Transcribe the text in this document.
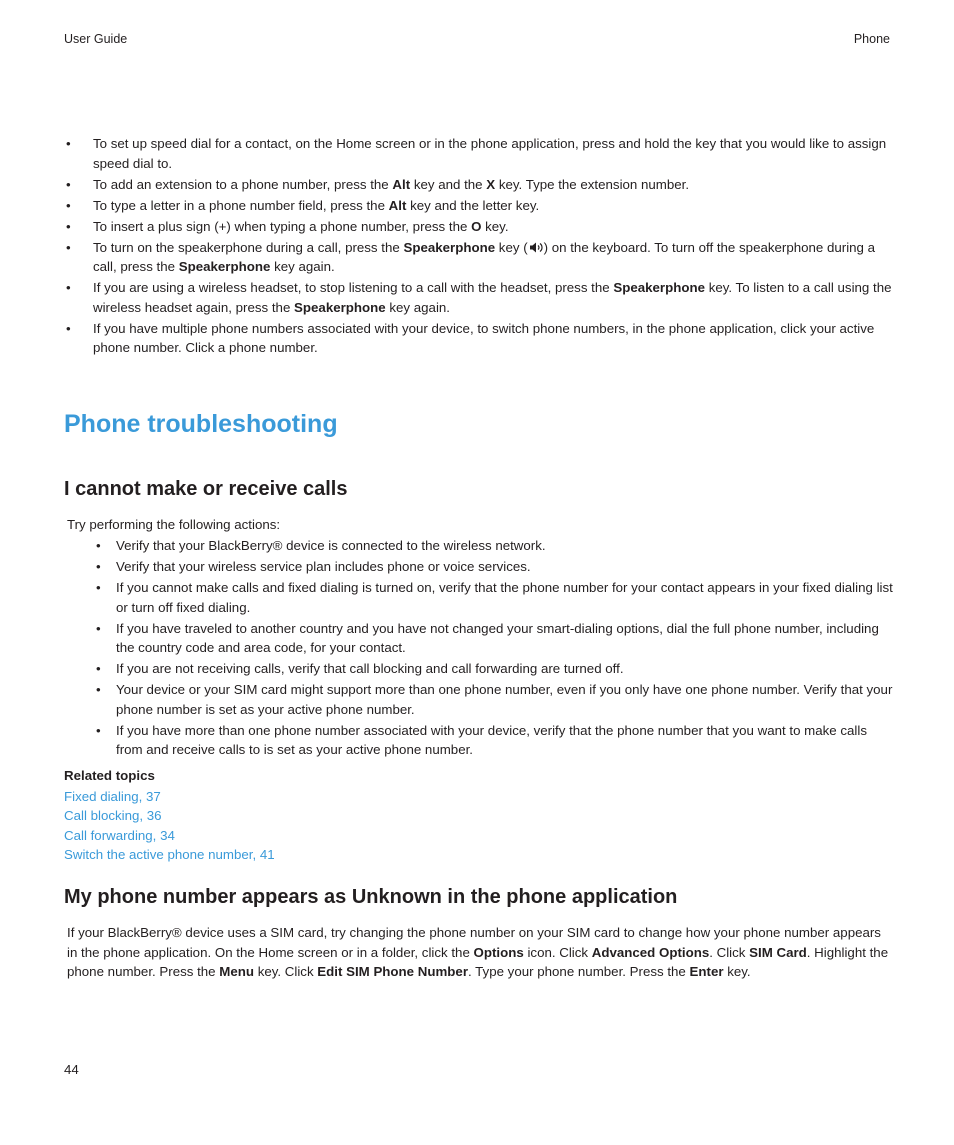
User Guide	Phone
• To set up speed dial for a contact, on the Home screen or in the phone application, press and hold the key that you would like to assign speed dial to.
• To add an extension to a phone number, press the Alt key and the X key. Type the extension number.
• To type a letter in a phone number field, press the Alt key and the letter key.
• To insert a plus sign (+) when typing a phone number, press the O key.
• To turn on the speakerphone during a call, press the Speakerphone key ( ) on the keyboard. To turn off the speakerphone during a call, press the Speakerphone key again.
• If you are using a wireless headset, to stop listening to a call with the headset, press the Speakerphone key. To listen to a call using the wireless headset again, press the Speakerphone key again.
• If you have multiple phone numbers associated with your device, to switch phone numbers, in the phone application, click your active phone number. Click a phone number.
Phone troubleshooting
I cannot make or receive calls
Try performing the following actions:
• Verify that your BlackBerry® device is connected to the wireless network.
• Verify that your wireless service plan includes phone or voice services.
• If you cannot make calls and fixed dialing is turned on, verify that the phone number for your contact appears in your fixed dialing list or turn off fixed dialing.
• If you have traveled to another country and you have not changed your smart-dialing options, dial the full phone number, including the country code and area code, for your contact.
• If you are not receiving calls, verify that call blocking and call forwarding are turned off.
• Your device or your SIM card might support more than one phone number, even if you only have one phone number. Verify that your phone number is set as your active phone number.
• If you have more than one phone number associated with your device, verify that the phone number that you want to make calls from and receive calls to is set as your active phone number.
Related topics
Fixed dialing, 37
Call blocking, 36
Call forwarding, 34
Switch the active phone number, 41
My phone number appears as Unknown in the phone application

If your BlackBerry® device uses a SIM card, try changing the phone number on your SIM card to change how your phone number appears in the phone application. On the Home screen or in a folder, click the Options icon. Click Advanced Options. Click SIM Card. Highlight the phone number. Press the Menu key. Click Edit SIM Phone Number. Type your phone number. Press the Enter key.

44
